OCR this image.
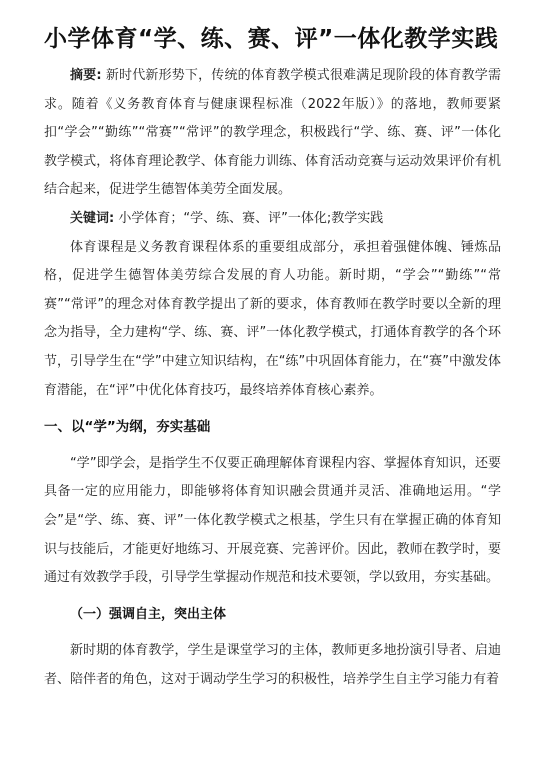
小学体育“学、练、赛、评”一体化教学实践

摘要: 新时代新形势下，传统的体育教学模式很难满足现阶段的体育教学需求。随着《义务教育体育与健康课程标准（2022年版）》的落地，教师要紧扣“学会”“勤练”“常赛”“常评”的教学理念，积极践行“学、练、赛、评”一体化教学模式，将体育理论教学、体育能力训练、体育活动竞赛与运动效果评价有机结合起来，促进学生德智体美劳全面发展。

关键词: 小学体育；“学、练、赛、评”一体化;教学实践

体育课程是义务教育课程体系的重要组成部分，承担着强健体魄、锤炼品格，促进学生德智体美劳综合发展的育人功能。新时期，“学会”“勤练”“常赛”“常评”的理念对体育教学提出了新的要求，体育教师在教学时要以全新的理念为指导，全力建构“学、练、赛、评”一体化教学模式，打通体育教学的各个环节，引导学生在“学”中建立知识结构，在“练”中巩固体育能力，在“赛”中激发体育潜能，在“评”中优化体育技巧，最终培养体育核心素养。

一、以“学”为纲，夯实基础

“学”即学会，是指学生不仅要正确理解体育课程内容、掌握体育知识，还要具备一定的应用能力，即能够将体育知识融会贯通并灵活、准确地运用。“学会”是“学、练、赛、评”一体化教学模式之根基，学生只有在掌握正确的体育知识与技能后，才能更好地练习、开展竞赛、完善评价。因此，教师在教学时，要通过有效教学手段，引导学生掌握动作规范和技术要领，学以致用，夯实基础。

（一）强调自主，突出主体

新时期的体育教学，学生是课堂学习的主体，教师更多地扮演引导者、启迪者、陪伴者的角色，这对于调动学生学习的积极性，培养学生自主学习能力有着
